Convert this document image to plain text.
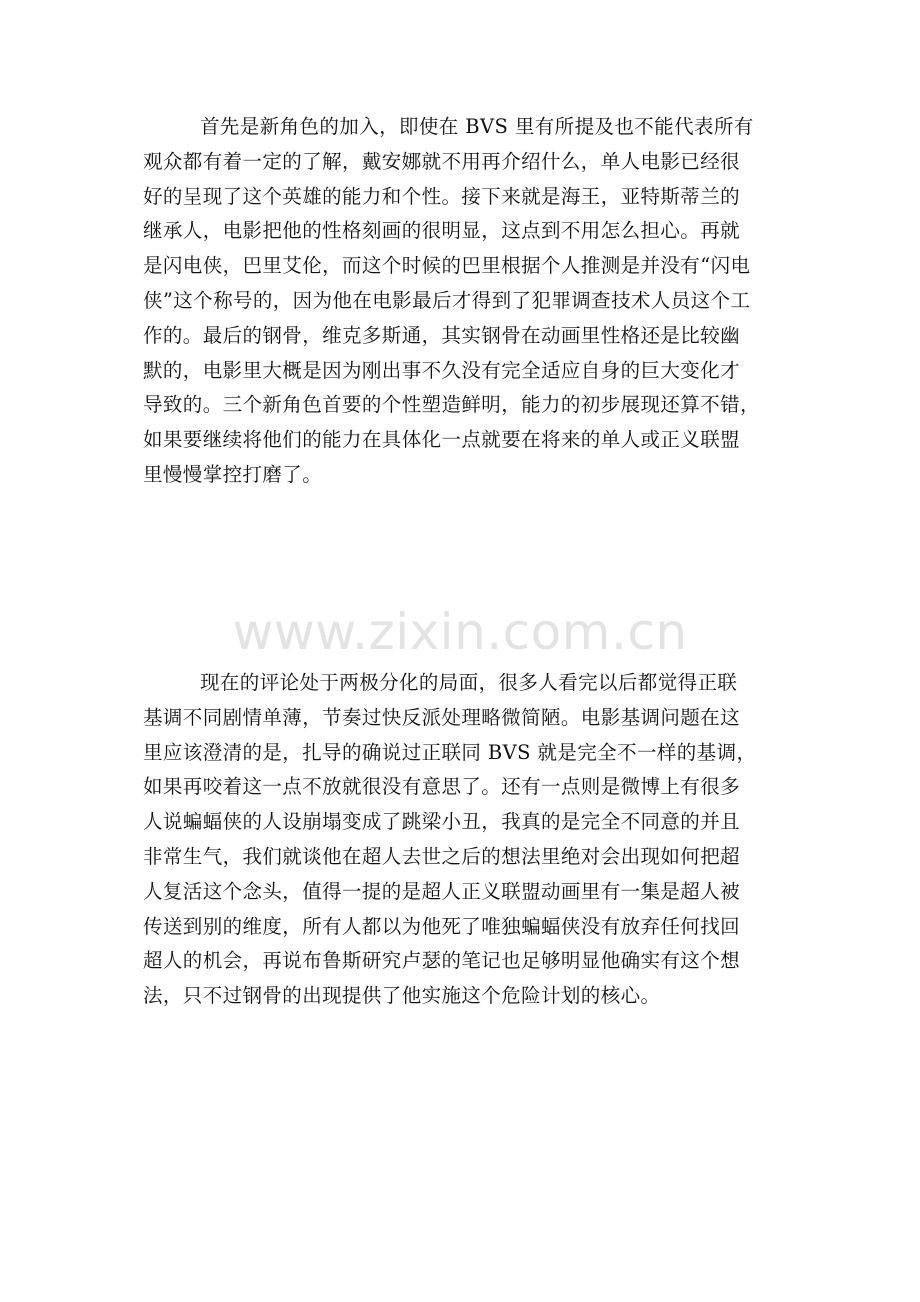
首先是新角色的加入，即使在 BVS 里有所提及也不能代表所有
观众都有着一定的了解，戴安娜就不用再介绍什么，单人电影已经很
好的呈现了这个英雄的能力和个性。接下来就是海王，亚特斯蒂兰的
继承人，电影把他的性格刻画的很明显，这点到不用怎么担心。再就
是闪电侠，巴里艾伦，而这个时候的巴里根据个人推测是并没有“闪电
侠”这个称号的，因为他在电影最后才得到了犯罪调查技术人员这个工
作的。最后的钢骨，维克多斯通，其实钢骨在动画里性格还是比较幽
默的，电影里大概是因为刚出事不久没有完全适应自身的巨大变化才
导致的。三个新角色首要的个性塑造鲜明，能力的初步展现还算不错，
如果要继续将他们的能力在具体化一点就要在将来的单人或正义联盟
里慢慢掌控打磨了。
www.zixin.com.cn
现在的评论处于两极分化的局面，很多人看完以后都觉得正联
基调不同剧情单薄，节奏过快反派处理略微简陋。电影基调问题在这
里应该澄清的是，扎导的确说过正联同 BVS 就是完全不一样的基调，
如果再咬着这一点不放就很没有意思了。还有一点则是微博上有很多
人说蝙蝠侠的人设崩塌变成了跳梁小丑，我真的是完全不同意的并且
非常生气，我们就谈他在超人去世之后的想法里绝对会出现如何把超
人复活这个念头，值得一提的是超人正义联盟动画里有一集是超人被
传送到别的维度，所有人都以为他死了唯独蝙蝠侠没有放弃任何找回
超人的机会，再说布鲁斯研究卢瑟的笔记也足够明显他确实有这个想
法，只不过钢骨的出现提供了他实施这个危险计划的核心。
